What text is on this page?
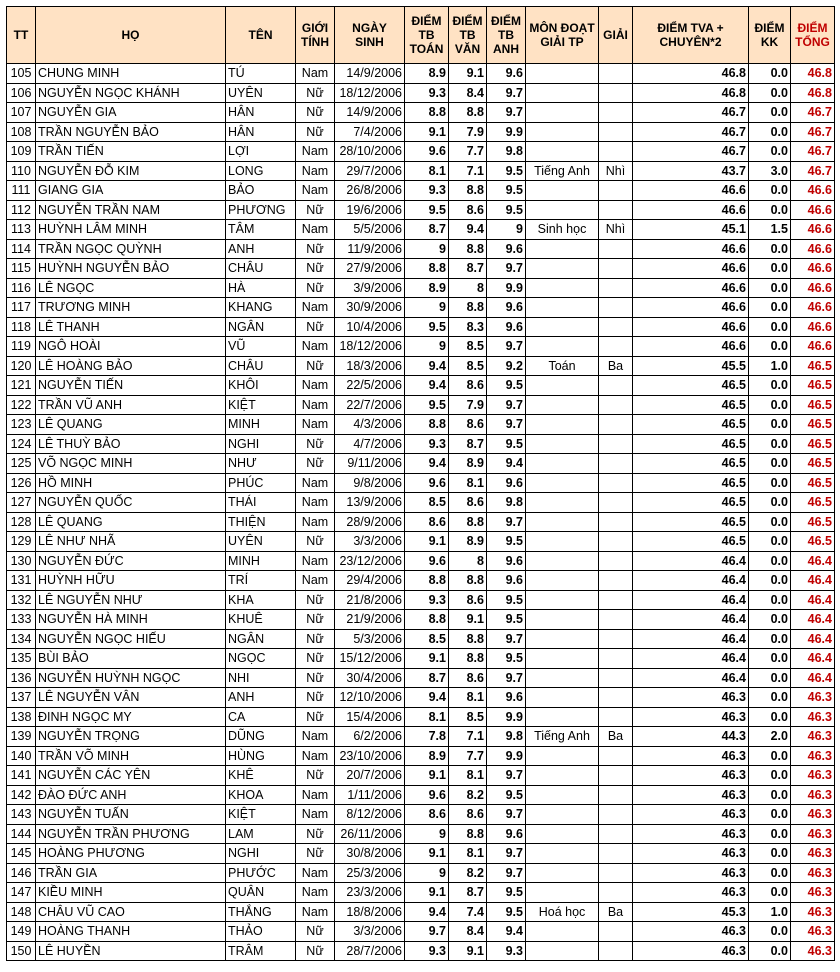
TT	HỌ	TÊN	GIỚI TÍNH	NGÀY SINH	ĐIỂM TB TOÁN	ĐIỂM TB VĂN	ĐIỂM TB ANH	MÔN ĐOẠT GIẢI TP	GIẢI	ĐIỂM TVA + CHUYÊN*2	ĐIỂM KK	ĐIỂM TỔNG
105	CHUNG MINH	TÚ	Nam	14/9/2006	8.9	9.1	9.6			46.8	0.0	46.8
106	NGUYỄN NGỌC KHÁNH	UYÊN	Nữ	18/12/2006	9.3	8.4	9.7			46.8	0.0	46.8
107	NGUYỄN GIA	HÂN	Nữ	14/9/2006	8.8	8.8	9.7			46.7	0.0	46.7
108	TRẦN NGUYỄN BẢO	HÂN	Nữ	7/4/2006	9.1	7.9	9.9			46.7	0.0	46.7
109	TRẦN TIẾN	LỢI	Nam	28/10/2006	9.6	7.7	9.8			46.7	0.0	46.7
110	NGUYỄN ĐỖ KIM	LONG	Nam	29/7/2006	8.1	7.1	9.5	Tiếng Anh	Nhì	43.7	3.0	46.7
111	GIANG GIA	BẢO	Nam	26/8/2006	9.3	8.8	9.5			46.6	0.0	46.6
112	NGUYỄN TRẦN NAM	PHƯƠNG	Nữ	19/6/2006	9.5	8.6	9.5			46.6	0.0	46.6
113	HUỲNH LÂM MINH	TÂM	Nam	5/5/2006	8.7	9.4	9	Sinh học	Nhì	45.1	1.5	46.6
114	TRẦN NGỌC QUỲNH	ANH	Nữ	11/9/2006	9	8.8	9.6			46.6	0.0	46.6
115	HUỲNH NGUYỄN BẢO	CHÂU	Nữ	27/9/2006	8.8	8.7	9.7			46.6	0.0	46.6
116	LÊ NGỌC	HÀ	Nữ	3/9/2006	8.9	8	9.9			46.6	0.0	46.6
117	TRƯƠNG MINH	KHANG	Nam	30/9/2006	9	8.8	9.6			46.6	0.0	46.6
118	LÊ THANH	NGÂN	Nữ	10/4/2006	9.5	8.3	9.6			46.6	0.0	46.6
119	NGÔ HOÀI	VŨ	Nam	18/12/2006	9	8.5	9.7			46.6	0.0	46.6
120	LÊ HOÀNG BẢO	CHÂU	Nữ	18/3/2006	9.4	8.5	9.2	Toán	Ba	45.5	1.0	46.5
121	NGUYỄN TIẾN	KHÔI	Nam	22/5/2006	9.4	8.6	9.5			46.5	0.0	46.5
122	TRẦN VŨ ANH	KIỆT	Nam	22/7/2006	9.5	7.9	9.7			46.5	0.0	46.5
123	LÊ QUANG	MINH	Nam	4/3/2006	8.8	8.6	9.7			46.5	0.0	46.5
124	LÊ THUỲ BẢO	NGHI	Nữ	4/7/2006	9.3	8.7	9.5			46.5	0.0	46.5
125	VÕ NGỌC MINH	NHƯ	Nữ	9/11/2006	9.4	8.9	9.4			46.5	0.0	46.5
126	HỒ MINH	PHÚC	Nam	9/8/2006	9.6	8.1	9.6			46.5	0.0	46.5
127	NGUYỄN QUỐC	THÁI	Nam	13/9/2006	8.5	8.6	9.8			46.5	0.0	46.5
128	LÊ QUANG	THIỆN	Nam	28/9/2006	8.6	8.8	9.7			46.5	0.0	46.5
129	LÊ NHƯ NHÃ	UYÊN	Nữ	3/3/2006	9.1	8.9	9.5			46.5	0.0	46.5
130	NGUYỄN ĐỨC	MINH	Nam	23/12/2006	9.6	8	9.6			46.4	0.0	46.4
131	HUỲNH HỮU	TRÍ	Nam	29/4/2006	8.8	8.8	9.6			46.4	0.0	46.4
132	LÊ NGUYỄN NHƯ	KHA	Nữ	21/8/2006	9.3	8.6	9.5			46.4	0.0	46.4
133	NGUYỄN HÀ MINH	KHUÊ	Nữ	21/9/2006	8.8	9.1	9.5			46.4	0.0	46.4
134	NGUYỄN NGỌC HIẾU	NGÂN	Nữ	5/3/2006	8.5	8.8	9.7			46.4	0.0	46.4
135	BÙI BẢO	NGỌC	Nữ	15/12/2006	9.1	8.8	9.5			46.4	0.0	46.4
136	NGUYỄN HUỲNH NGỌC	NHI	Nữ	30/4/2006	8.7	8.6	9.7			46.4	0.0	46.4
137	LÊ NGUYỄN VÂN	ANH	Nữ	12/10/2006	9.4	8.1	9.6			46.3	0.0	46.3
138	ĐINH NGỌC MY	CA	Nữ	15/4/2006	8.1	8.5	9.9			46.3	0.0	46.3
139	NGUYỄN TRỌNG	DŨNG	Nam	6/2/2006	7.8	7.1	9.8	Tiếng Anh	Ba	44.3	2.0	46.3
140	TRẦN VÕ MINH	HÙNG	Nam	23/10/2006	8.9	7.7	9.9			46.3	0.0	46.3
141	NGUYỄN CÁC YÊN	KHÊ	Nữ	20/7/2006	9.1	8.1	9.7			46.3	0.0	46.3
142	ĐÀO ĐỨC ANH	KHOA	Nam	1/11/2006	9.6	8.2	9.5			46.3	0.0	46.3
143	NGUYỄN TUẤN	KIỆT	Nam	8/12/2006	8.6	8.6	9.7			46.3	0.0	46.3
144	NGUYỄN TRẦN PHƯƠNG	LAM	Nữ	26/11/2006	9	8.8	9.6			46.3	0.0	46.3
145	HOÀNG PHƯƠNG	NGHI	Nữ	30/8/2006	9.1	8.1	9.7			46.3	0.0	46.3
146	TRẦN GIA	PHƯỚC	Nam	25/3/2006	9	8.2	9.7			46.3	0.0	46.3
147	KIỀU MINH	QUÂN	Nam	23/3/2006	9.1	8.7	9.5			46.3	0.0	46.3
148	CHÂU VŨ CAO	THẮNG	Nam	18/8/2006	9.4	7.4	9.5	Hoá học	Ba	45.3	1.0	46.3
149	HOÀNG THANH	THẢO	Nữ	3/3/2006	9.7	8.4	9.4			46.3	0.0	46.3
150	LÊ HUYỀN	TRÂM	Nữ	28/7/2006	9.3	9.1	9.3			46.3	0.0	46.3
